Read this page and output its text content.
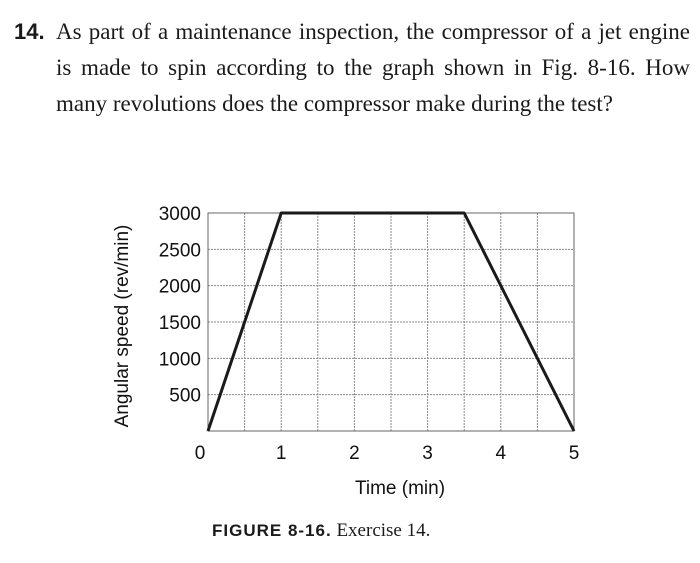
14. As part of a maintenance inspection, the compressor of a jet engine is made to spin according to the graph shown in Fig. 8-16. How many revolutions does the compressor make during the test?
500
1000
1500
2000
2500
3000
0	1	2	3	4	5
Time (min)
Angular speed (rev/min)
FIGURE 8-16. Exercise 14.
